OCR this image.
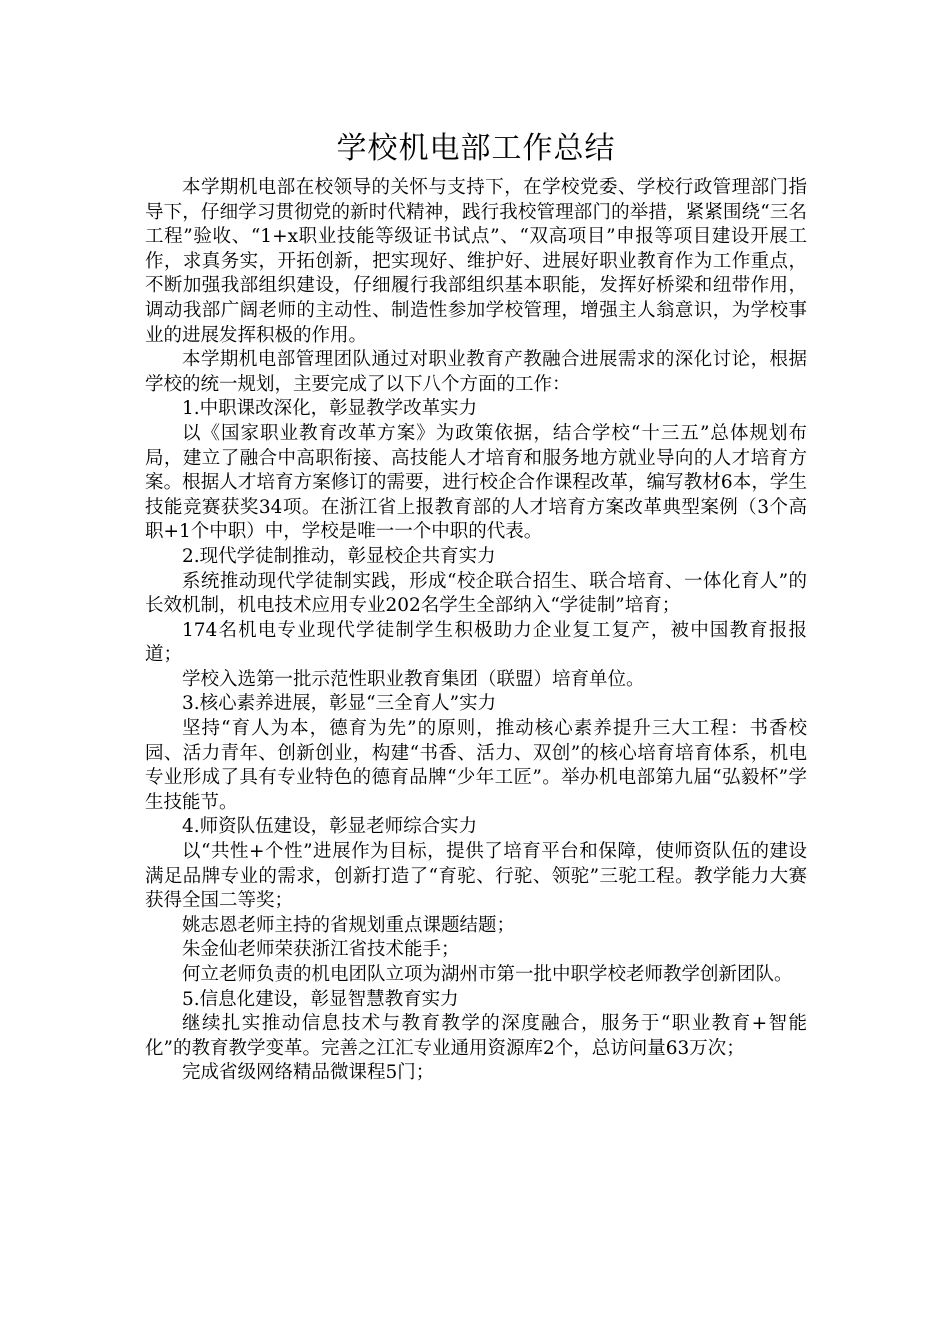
学校机电部工作总结

本学期机电部在校领导的关怀与支持下，在学校党委、学校行政管理部门指导下，仔细学习贯彻党的新时代精神，践行我校管理部门的举措，紧紧围绕“三名工程”验收、“1+x职业技能等级证书试点”、“双高项目”申报等项目建设开展工作，求真务实，开拓创新，把实现好、维护好、进展好职业教育作为工作重点，不断加强我部组织建设，仔细履行我部组织基本职能，发挥好桥梁和纽带作用，调动我部广阔老师的主动性、制造性参加学校管理，增强主人翁意识，为学校事业的进展发挥积极的作用。

本学期机电部管理团队通过对职业教育产教融合进展需求的深化讨论，根据学校的统一规划，主要完成了以下八个方面的工作：

1.中职课改深化，彰显教学改革实力

以《国家职业教育改革方案》为政策依据，结合学校“十三五”总体规划布局，建立了融合中高职衔接、高技能人才培育和服务地方就业导向的人才培育方案。根据人才培育方案修订的需要，进行校企合作课程改革，编写教材6本，学生技能竞赛获奖34项。在浙江省上报教育部的人才培育方案改革典型案例（3个高职+1个中职）中，学校是唯一一个中职的代表。

2.现代学徒制推动，彰显校企共育实力

系统推动现代学徒制实践，形成“校企联合招生、联合培育、一体化育人”的长效机制，机电技术应用专业202名学生全部纳入“学徒制”培育；

174名机电专业现代学徒制学生积极助力企业复工复产，被中国教育报报道；

学校入选第一批示范性职业教育集团（联盟）培育单位。

3.核心素养进展，彰显“三全育人”实力

坚持“育人为本，德育为先”的原则，推动核心素养提升三大工程：书香校园、活力青年、创新创业，构建“书香、活力、双创”的核心培育培育体系，机电专业形成了具有专业特色的德育品牌“少年工匠”。举办机电部第九届“弘毅杯”学生技能节。

4.师资队伍建设，彰显老师综合实力

以“共性+个性”进展作为目标，提供了培育平台和保障，使师资队伍的建设满足品牌专业的需求，创新打造了“育驼、行驼、领驼”三驼工程。教学能力大赛获得全国二等奖；

姚志恩老师主持的省规划重点课题结题；

朱金仙老师荣获浙江省技术能手；

何立老师负责的机电团队立项为湖州市第一批中职学校老师教学创新团队。

5.信息化建设，彰显智慧教育实力

继续扎实推动信息技术与教育教学的深度融合，服务于“职业教育+智能化”的教育教学变革。完善之江汇专业通用资源库2个，总访问量63万次；

完成省级网络精品微课程5门；
